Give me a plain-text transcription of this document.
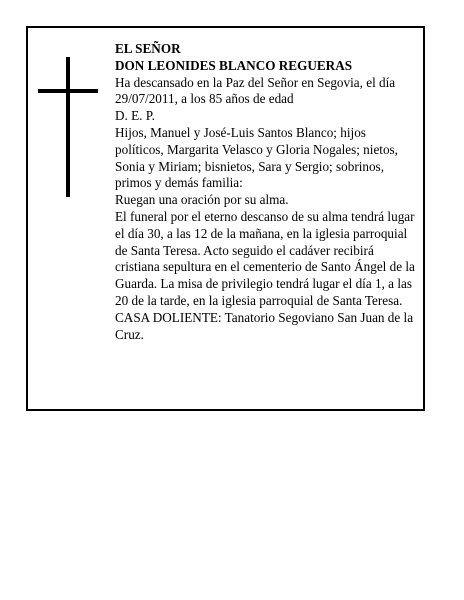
EL SEÑOR

DON LEONIDES BLANCO REGUERAS

Ha descansado en la Paz del Señor en Segovia, el día 29/07/2011, a los 85 años de edad

D. E. P.

Hijos, Manuel y José-Luis Santos Blanco; hijos políticos, Margarita Velasco y Gloria Nogales; nietos, Sonia y Miriam; bisnietos, Sara y Sergio; sobrinos, primos y demás familia:

Ruegan una oración por su alma.

El funeral por el eterno descanso de su alma tendrá lugar el día 30, a las 12 de la mañana, en la iglesia parroquial de Santa Teresa. Acto seguido el cadáver recibirá cristiana sepultura en el cementerio de Santo Ángel de la Guarda. La misa de privilegio tendrá lugar el día 1, a las 20 de la tarde, en la iglesia parroquial de Santa Teresa.

CASA DOLIENTE: Tanatorio Segoviano San Juan de la Cruz.
